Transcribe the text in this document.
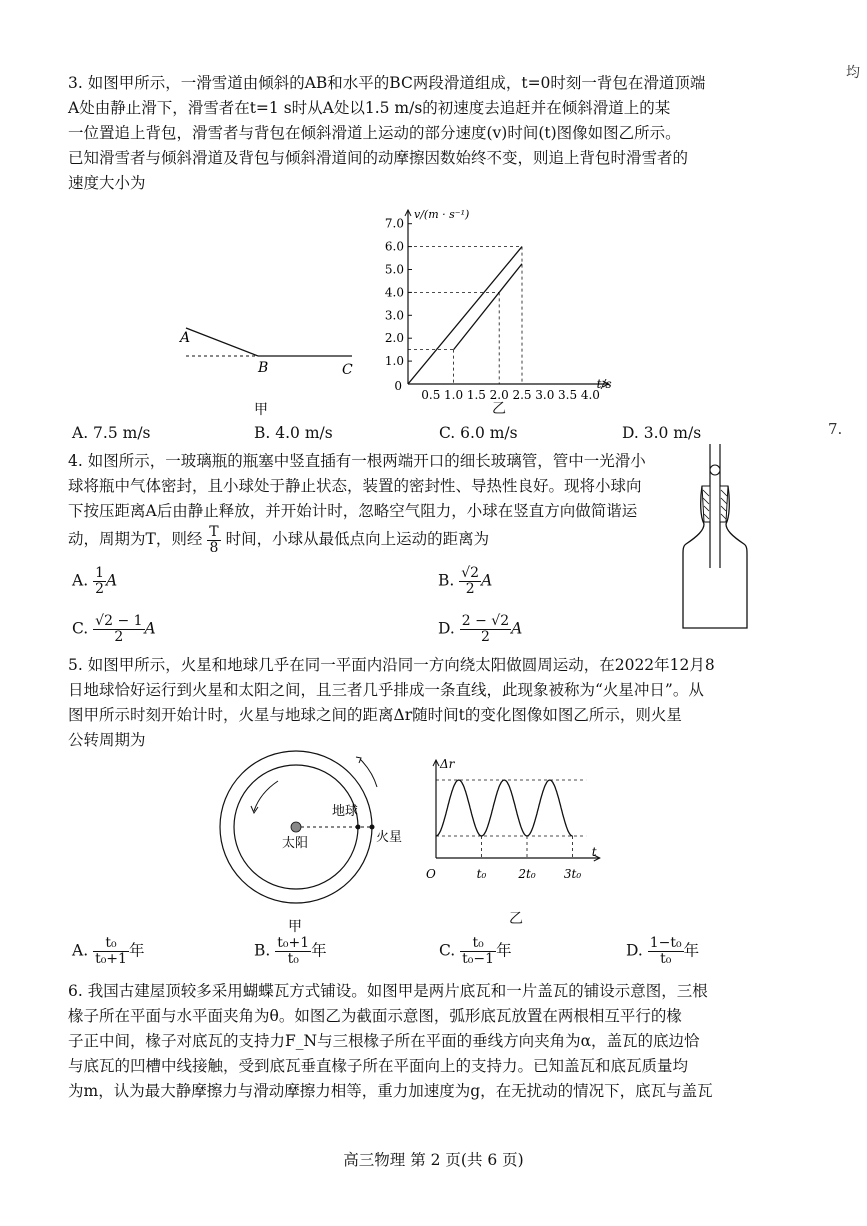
均
7.
3. 如图甲所示，一滑雪道由倾斜的AB和水平的BC两段滑道组成，t=0时刻一背包在滑道顶端
A处由静止滑下，滑雪者在t=1 s时从A处以1.5 m/s的初速度去追赶并在倾斜滑道上的某
一位置追上背包，滑雪者与背包在倾斜滑道上运动的部分速度(v)时间(t)图像如图乙所示。
已知滑雪者与倾斜滑道及背包与倾斜滑道间的动摩擦因数始终不变，则追上背包时滑雪者的
速度大小为
A
B	C
甲
v/(m · s⁻¹)
t/s
0
0.5 1.0 1.5 2.0 2.5 3.0 3.5 4.0
1.0
2.0
3.0
4.0
5.0
6.0
7.0
乙
A. 7.5 m/s	B. 4.0 m/s	C. 6.0 m/s	D. 3.0 m/s
4. 如图所示，一玻璃瓶的瓶塞中竖直插有一根两端开口的细长玻璃管，管中一光滑小
球将瓶中气体密封，且小球处于静止状态，装置的密封性、导热性良好。现将小球向
下按压距离A后由静止释放，并开始计时，忽略空气阻力，小球在竖直方向做简谐运
动，周期为T，则经 $\frac{T}{8}$ 时间，小球从最低点向上运动的距离为
A. $\frac{1}{2}$ A	B. $\frac{√2}{2}$ A
C. $\frac{√2 - 1}{2}$ A	D. $\frac{2 - √2}{2}$ A
5. 如图甲所示，火星和地球几乎在同一平面内沿同一方向绕太阳做圆周运动，在2022年12月8
日地球恰好运行到火星和太阳之间，且三者几乎排成一条直线，此现象被称为“火星冲日”。从
图甲所示时刻开始计时，火星与地球之间的距离Δr随时间t的变化图像如图乙所示，则火星
公转周期为
太阳
地球
火星
甲
Δr
t
O	t₀	2t₀ 3t₀
乙
A. $\frac{\text{t₀}}{\text{t₀+1}}$ 年	B. $\frac{\text{t₀+1}}{\text{t₀}}$ 年	C. $\frac{\text{t₀}}{\text{t₀−1}}$ 年	D. $\frac{\text{1−t₀}}{\text{t₀}}$ 年
6. 我国古建屋顶较多采用蝴蝶瓦方式铺设。如图甲是两片底瓦和一片盖瓦的铺设示意图，三根
椽子所在平面与水平面夹角为θ。如图乙为截面示意图，弧形底瓦放置在两根相互平行的椽
子正中间，椽子对底瓦的支持力F_N与三根椽子所在平面的垂线方向夹角为α，盖瓦的底边恰
与底瓦的凹槽中线接触，受到底瓦垂直椽子所在平面向上的支持力。已知盖瓦和底瓦质量均
为m，认为最大静摩擦力与滑动摩擦力相等，重力加速度为g，在无扰动的情况下，底瓦与盖瓦
高三物理 第 2 页(共 6 页)
